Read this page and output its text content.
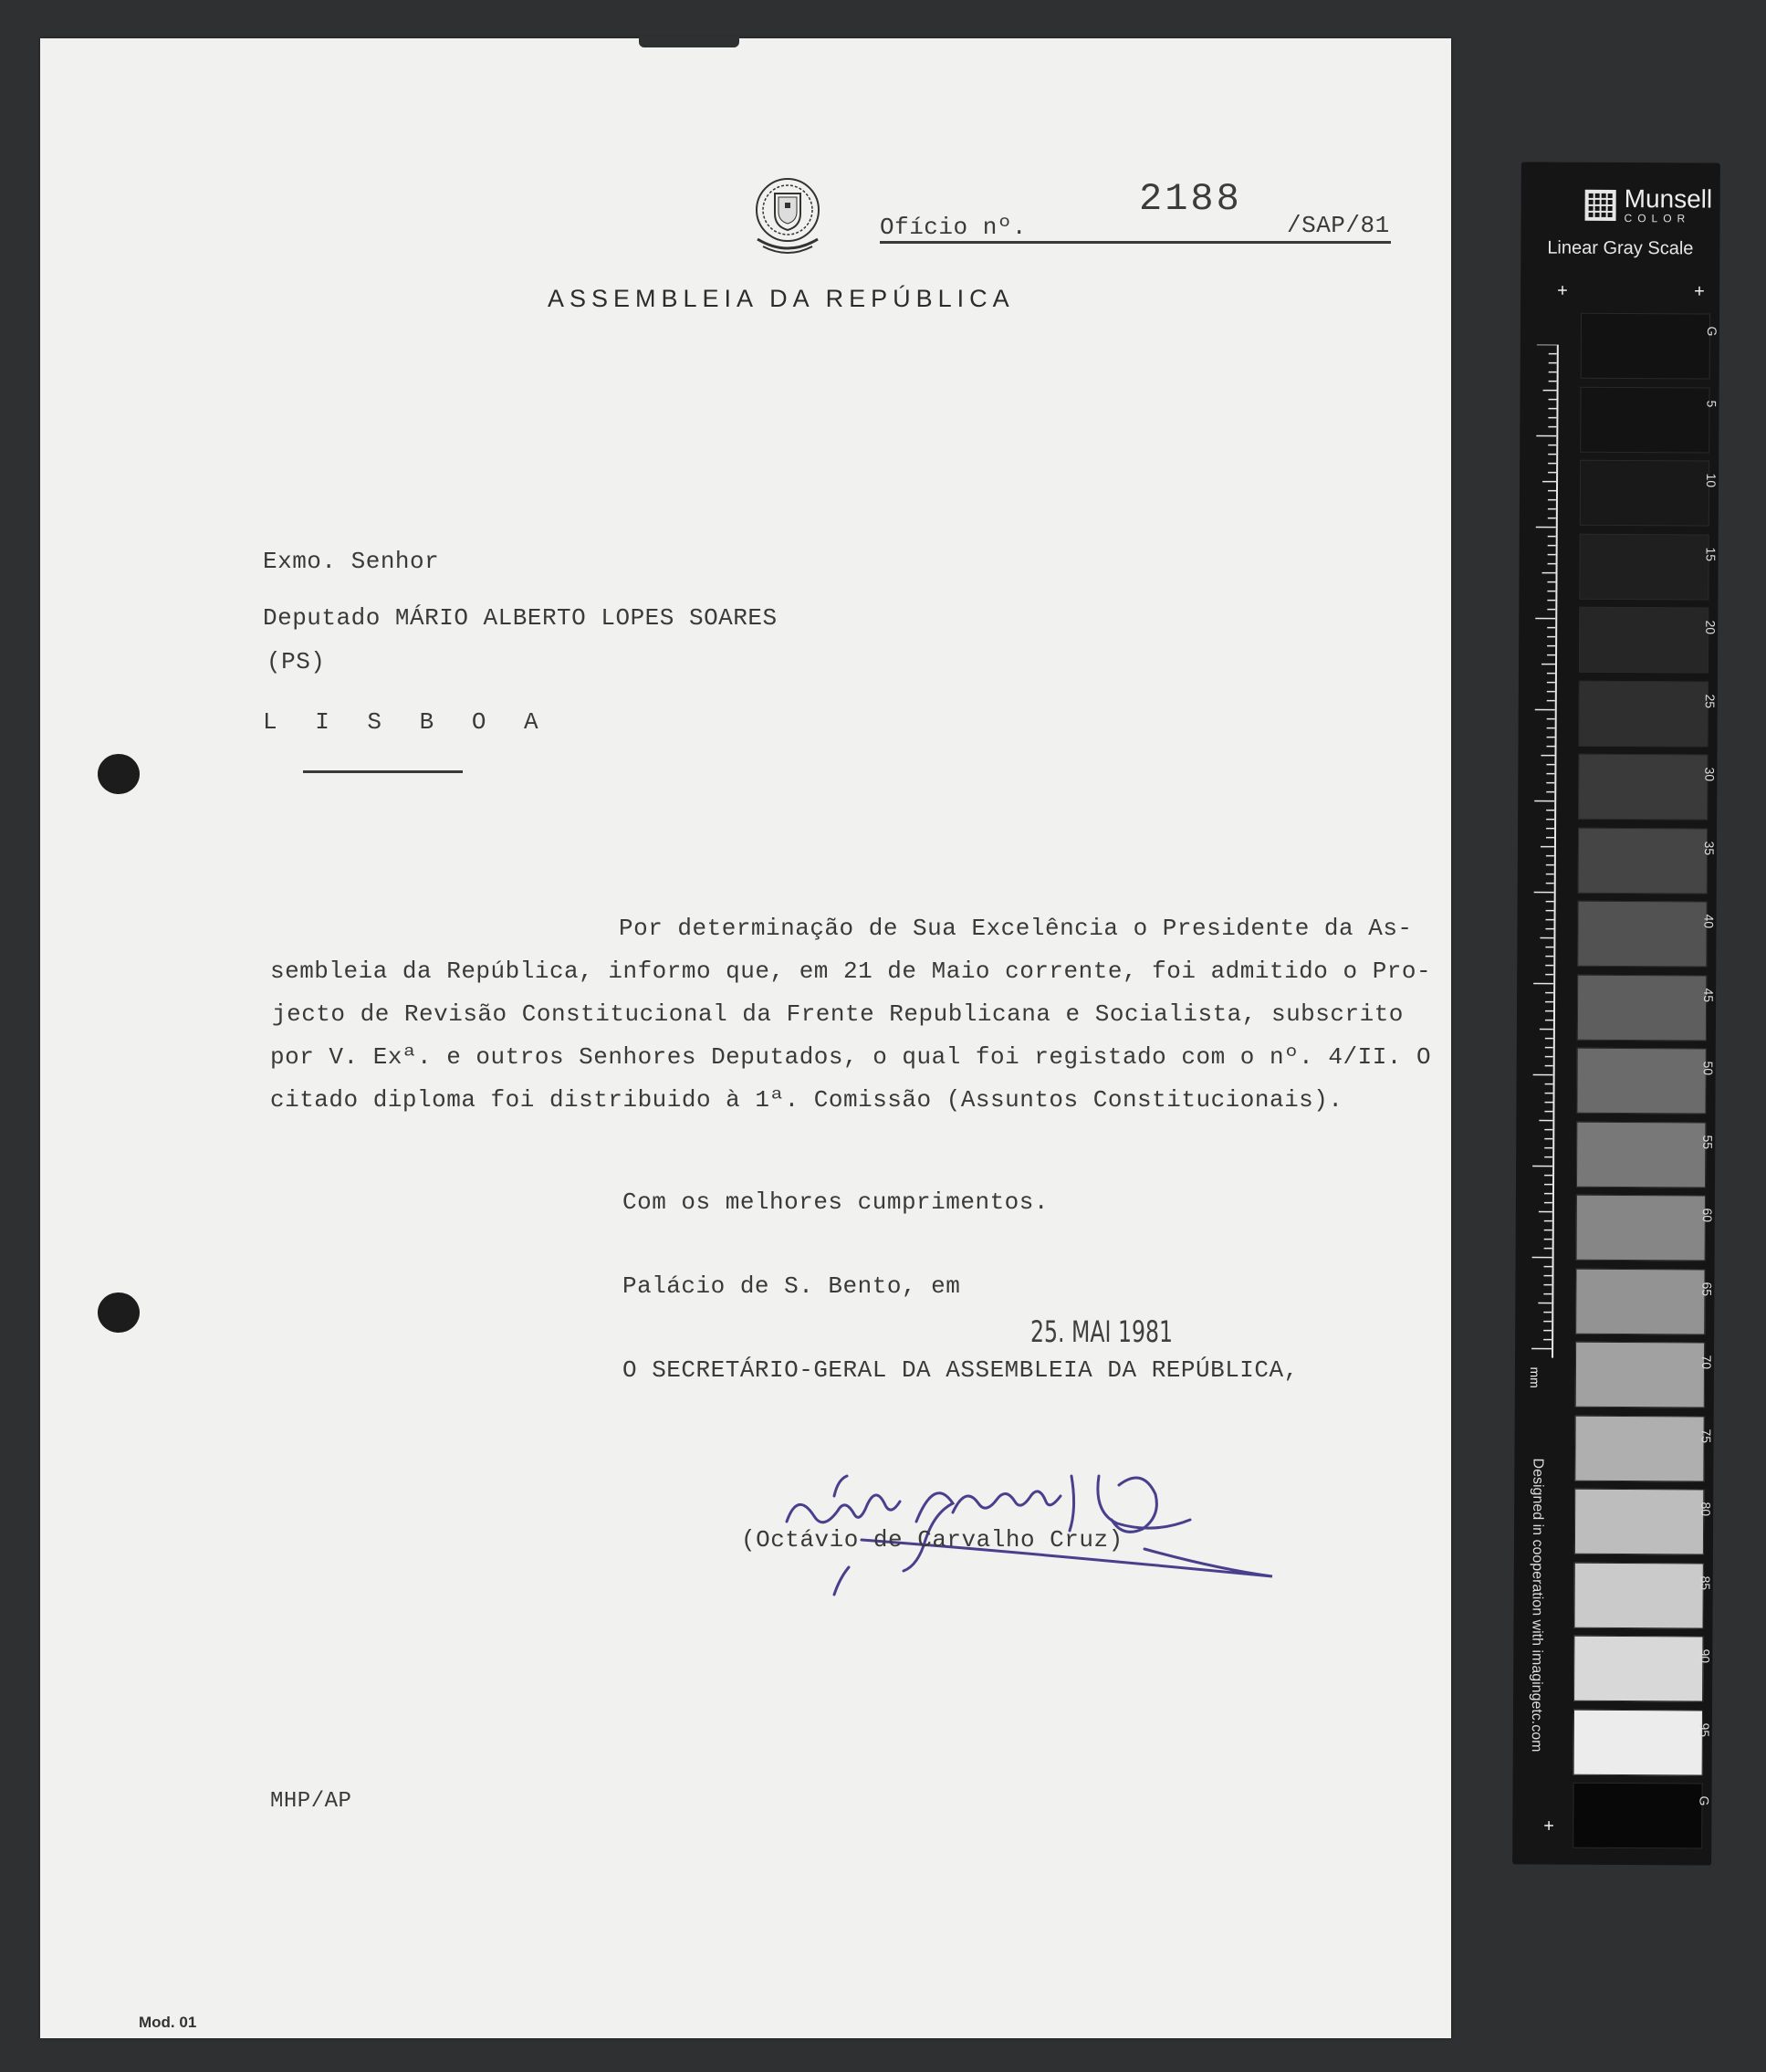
ASSEMBLEIA DA REPÚBLICA
Ofício nº.
2188
/SAP/81
Exmo. Senhor
Deputado MÁRIO ALBERTO LOPES SOARES
(PS)
L I S B O A
Por determinação de Sua Excelência o Presidente da As-
sembleia da República, informo que, em 21 de Maio corrente, foi admitido o Pro-
jecto de Revisão Constitucional da Frente Republicana e Socialista, subscrito
por V. Exª. e outros Senhores Deputados, o qual foi registado com o nº. 4/II. O
citado diploma foi distribuido à 1ª. Comissão (Assuntos Constitucionais).
Com os melhores cumprimentos.
Palácio de S. Bento, em
25. MAI 1981
O SECRETÁRIO-GERAL DA ASSEMBLEIA DA REPÚBLICA,
(Octávio de Carvalho Cruz)
MHP/AP
Mod. 01
Munsell
COLOR
Linear Gray Scale
+	+
+
mm
Designed in cooperation with imagingetc.com
G
5
10
15
20
25
30
35
40
45
50
55
60
65
70
75
80
85
90
95
G
